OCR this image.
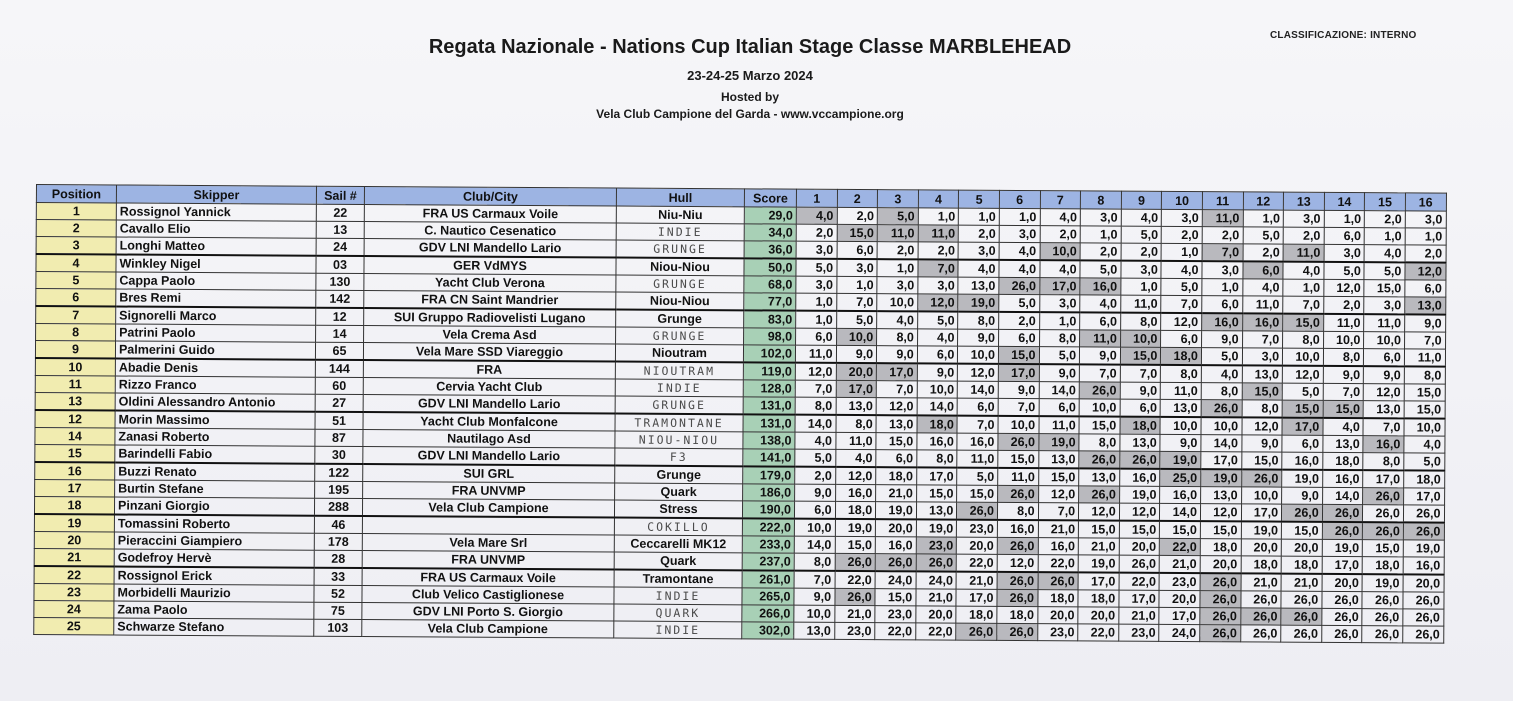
CLASSIFICAZIONE: INTERNO
Regata Nazionale - Nations Cup Italian Stage Classe MARBLEHEAD
23-24-25 Marzo 2024
Hosted by
Vela Club Campione del Garda - www.vccampione.org
Position	Skipper	Sail #	Club/City	Hull	Score	1	2	3	4	5	6	7	8	9	10	11	12	13	14	15	16
1	Rossignol Yannick	22	FRA US Carmaux Voile	Niu-Niu	29,0	4,0	2,0	5,0	1,0	1,0	1,0	4,0	3,0	4,0	3,0	11,0	1,0	3,0	1,0	2,0	3,0
2	Cavallo Elio	13	C. Nautico Cesenatico	INDIE	34,0	2,0	15,0	11,0	11,0	2,0	3,0	2,0	1,0	5,0	2,0	2,0	5,0	2,0	6,0	1,0	1,0
3	Longhi Matteo	24	GDV LNI Mandello Lario	GRUNGE	36,0	3,0	6,0	2,0	2,0	3,0	4,0	10,0	2,0	2,0	1,0	7,0	2,0	11,0	3,0	4,0	2,0
4	Winkley Nigel	03	GER VdMYS	Niou-Niou	50,0	5,0	3,0	1,0	7,0	4,0	4,0	4,0	5,0	3,0	4,0	3,0	6,0	4,0	5,0	5,0	12,0
5	Cappa Paolo	130	Yacht Club Verona	GRUNGE	68,0	3,0	1,0	3,0	3,0	13,0	26,0	17,0	16,0	1,0	5,0	1,0	4,0	1,0	12,0	15,0	6,0
6	Bres Remi	142	FRA CN Saint Mandrier	Niou-Niou	77,0	1,0	7,0	10,0	12,0	19,0	5,0	3,0	4,0	11,0	7,0	6,0	11,0	7,0	2,0	3,0	13,0
7	Signorelli Marco	12	SUI Gruppo Radiovelisti Lugano	Grunge	83,0	1,0	5,0	4,0	5,0	8,0	2,0	1,0	6,0	8,0	12,0	16,0	16,0	15,0	11,0	11,0	9,0
8	Patrini Paolo	14	Vela Crema Asd	GRUNGE	98,0	6,0	10,0	8,0	4,0	9,0	6,0	8,0	11,0	10,0	6,0	9,0	7,0	8,0	10,0	10,0	7,0
9	Palmerini Guido	65	Vela Mare SSD Viareggio	Nioutram	102,0	11,0	9,0	9,0	6,0	10,0	15,0	5,0	9,0	15,0	18,0	5,0	3,0	10,0	8,0	6,0	11,0
10	Abadie Denis	144	FRA	NIOUTRAM	119,0	12,0	20,0	17,0	9,0	12,0	17,0	9,0	7,0	7,0	8,0	4,0	13,0	12,0	9,0	9,0	8,0
11	Rizzo Franco	60	Cervia Yacht Club	INDIE	128,0	7,0	17,0	7,0	10,0	14,0	9,0	14,0	26,0	9,0	11,0	8,0	15,0	5,0	7,0	12,0	15,0
13	Oldini Alessandro Antonio	27	GDV LNI Mandello Lario	GRUNGE	131,0	8,0	13,0	12,0	14,0	6,0	7,0	6,0	10,0	6,0	13,0	26,0	8,0	15,0	15,0	13,0	15,0
12	Morin Massimo	51	Yacht Club Monfalcone	TRAMONTANE	131,0	14,0	8,0	13,0	18,0	7,0	10,0	11,0	15,0	18,0	10,0	10,0	12,0	17,0	4,0	7,0	10,0
14	Zanasi Roberto	87	Nautilago Asd	NIOU-NIOU	138,0	4,0	11,0	15,0	16,0	16,0	26,0	19,0	8,0	13,0	9,0	14,0	9,0	6,0	13,0	16,0	4,0
15	Barindelli Fabio	30	GDV LNI Mandello Lario	F3	141,0	5,0	4,0	6,0	8,0	11,0	15,0	13,0	26,0	26,0	19,0	17,0	15,0	16,0	18,0	8,0	5,0
16	Buzzi Renato	122	SUI GRL	Grunge	179,0	2,0	12,0	18,0	17,0	5,0	11,0	15,0	13,0	16,0	25,0	19,0	26,0	19,0	16,0	17,0	18,0
17	Burtin Stefane	195	FRA UNVMP	Quark	186,0	9,0	16,0	21,0	15,0	15,0	26,0	12,0	26,0	19,0	16,0	13,0	10,0	9,0	14,0	26,0	17,0
18	Pinzani Giorgio	288	Vela Club Campione	Stress	190,0	6,0	18,0	19,0	13,0	26,0	8,0	7,0	12,0	12,0	14,0	12,0	17,0	26,0	26,0	26,0	26,0
19	Tomassini Roberto	46		COKILLO	222,0	10,0	19,0	20,0	19,0	23,0	16,0	21,0	15,0	15,0	15,0	15,0	19,0	15,0	26,0	26,0	26,0
20	Pieraccini Giampiero	178	Vela Mare Srl	Ceccarelli MK12	233,0	14,0	15,0	16,0	23,0	20,0	26,0	16,0	21,0	20,0	22,0	18,0	20,0	20,0	19,0	15,0	19,0
21	Godefroy Hervè	28	FRA UNVMP	Quark	237,0	8,0	26,0	26,0	26,0	22,0	12,0	22,0	19,0	26,0	21,0	20,0	18,0	18,0	17,0	18,0	16,0
22	Rossignol Erick	33	FRA US Carmaux Voile	Tramontane	261,0	7,0	22,0	24,0	24,0	21,0	26,0	26,0	17,0	22,0	23,0	26,0	21,0	21,0	20,0	19,0	20,0
23	Morbidelli Maurizio	52	Club Velico Castiglionese	INDIE	265,0	9,0	26,0	15,0	21,0	17,0	26,0	18,0	18,0	17,0	20,0	26,0	26,0	26,0	26,0	26,0	26,0
24	Zama Paolo	75	GDV LNI Porto S. Giorgio	QUARK	266,0	10,0	21,0	23,0	20,0	18,0	18,0	20,0	20,0	21,0	17,0	26,0	26,0	26,0	26,0	26,0	26,0
25	Schwarze Stefano	103	Vela Club Campione	INDIE	302,0	13,0	23,0	22,0	22,0	26,0	26,0	23,0	22,0	23,0	24,0	26,0	26,0	26,0	26,0	26,0	26,0
